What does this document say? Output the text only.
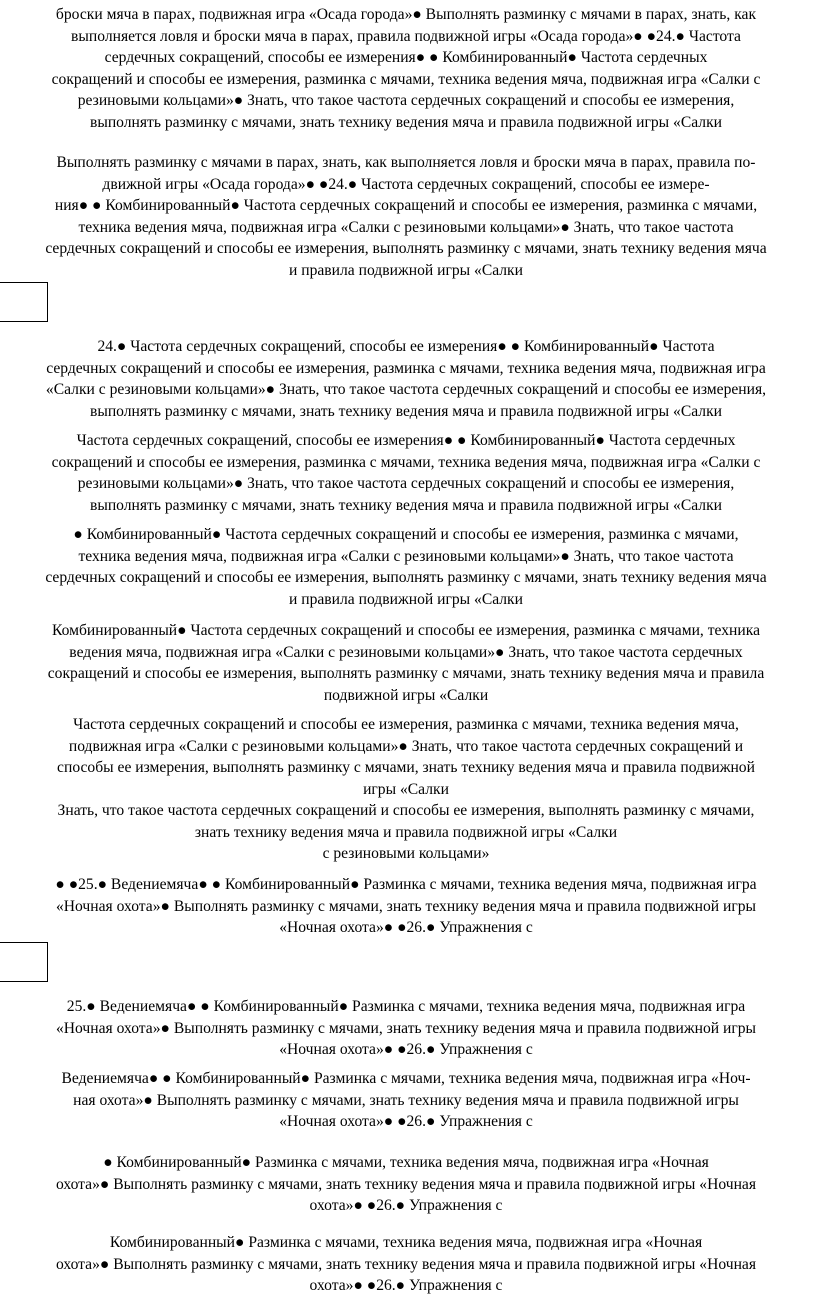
броски мяча в парах, подвижная игра «Осада города»● Выполнять разминку с мячами в парах, знать, как
выполняется ловля и броски мяча в парах, правила подвижной игры «Осада города»● ●24.● Частота
сердечных сокращений, способы ее измерения● ● Комбинированный● Частота сердечных
сокращений и способы ее измерения, разминка с мячами, техника ведения мяча, подвижная игра «Салки с
резиновыми кольцами»● Знать, что такое частота сердечных сокращений и способы ее измерения,
выполнять разминку с мячами, знать технику ведения мяча и правила подвижной игры «Салки
Выполнять разминку с мячами в парах, знать, как выполняется ловля и броски мяча в парах, правила по-
движной игры «Осада города»● ●24.● Частота сердечных сокращений, способы ее измере-
ния● ● Комбинированный● Частота сердечных сокращений и способы ее измерения, разминка с мячами,
техника ведения мяча, подвижная игра «Салки с резиновыми кольцами»● Знать, что такое частота
сердечных сокращений и способы ее измерения, выполнять разминку с мячами, знать технику ведения мяча
и правила подвижной игры «Салки
24.● Частота сердечных сокращений, способы ее измерения● ● Комбинированный● Частота
сердечных сокращений и способы ее измерения, разминка с мячами, техника ведения мяча, подвижная игра
«Салки с резиновыми кольцами»● Знать, что такое частота сердечных сокращений и способы ее измерения,
выполнять разминку с мячами, знать технику ведения мяча и правила подвижной игры «Салки
Частота сердечных сокращений, способы ее измерения● ● Комбинированный● Частота сердечных
сокращений и способы ее измерения, разминка с мячами, техника ведения мяча, подвижная игра «Салки с
резиновыми кольцами»● Знать, что такое частота сердечных сокращений и способы ее измерения,
выполнять разминку с мячами, знать технику ведения мяча и правила подвижной игры «Салки
● Комбинированный● Частота сердечных сокращений и способы ее измерения, разминка с мячами,
техника ведения мяча, подвижная игра «Салки с резиновыми кольцами»● Знать, что такое частота
сердечных сокращений и способы ее измерения, выполнять разминку с мячами, знать технику ведения мяча
и правила подвижной игры «Салки
Комбинированный● Частота сердечных сокращений и способы ее измерения, разминка с мячами, техника
ведения мяча, подвижная игра «Салки с резиновыми кольцами»● Знать, что такое частота сердечных
сокращений и способы ее измерения, выполнять разминку с мячами, знать технику ведения мяча и правила
подвижной игры «Салки
Частота сердечных сокращений и способы ее измерения, разминка с мячами, техника ведения мяча,
подвижная игра «Салки с резиновыми кольцами»● Знать, что такое частота сердечных сокращений и
способы ее измерения, выполнять разминку с мячами, знать технику ведения мяча и правила подвижной
игры «Салки
Знать, что такое частота сердечных сокращений и способы ее измерения, выполнять разминку с мячами,
знать технику ведения мяча и правила подвижной игры «Салки
с резиновыми кольцами»
● ●25.● Ведениемяча● ● Комбинированный● Разминка с мячами, техника ведения мяча, подвижная игра
«Ночная охота»● Выполнять разминку с мячами, знать технику ведения мяча и правила подвижной игры
«Ночная охота»● ●26.● Упражнения с
25.● Ведениемяча● ● Комбинированный● Разминка с мячами, техника ведения мяча, подвижная игра
«Ночная охота»● Выполнять разминку с мячами, знать технику ведения мяча и правила подвижной игры
«Ночная охота»● ●26.● Упражнения с
Ведениемяча● ● Комбинированный● Разминка с мячами, техника ведения мяча, подвижная игра «Ноч-
ная охота»● Выполнять разминку с мячами, знать технику ведения мяча и правила подвижной игры
«Ночная охота»● ●26.● Упражнения с
● Комбинированный● Разминка с мячами, техника ведения мяча, подвижная игра «Ночная
охота»● Выполнять разминку с мячами, знать технику ведения мяча и правила подвижной игры «Ночная
охота»● ●26.● Упражнения с
Комбинированный● Разминка с мячами, техника ведения мяча, подвижная игра «Ночная
охота»● Выполнять разминку с мячами, знать технику ведения мяча и правила подвижной игры «Ночная
охота»● ●26.● Упражнения с
